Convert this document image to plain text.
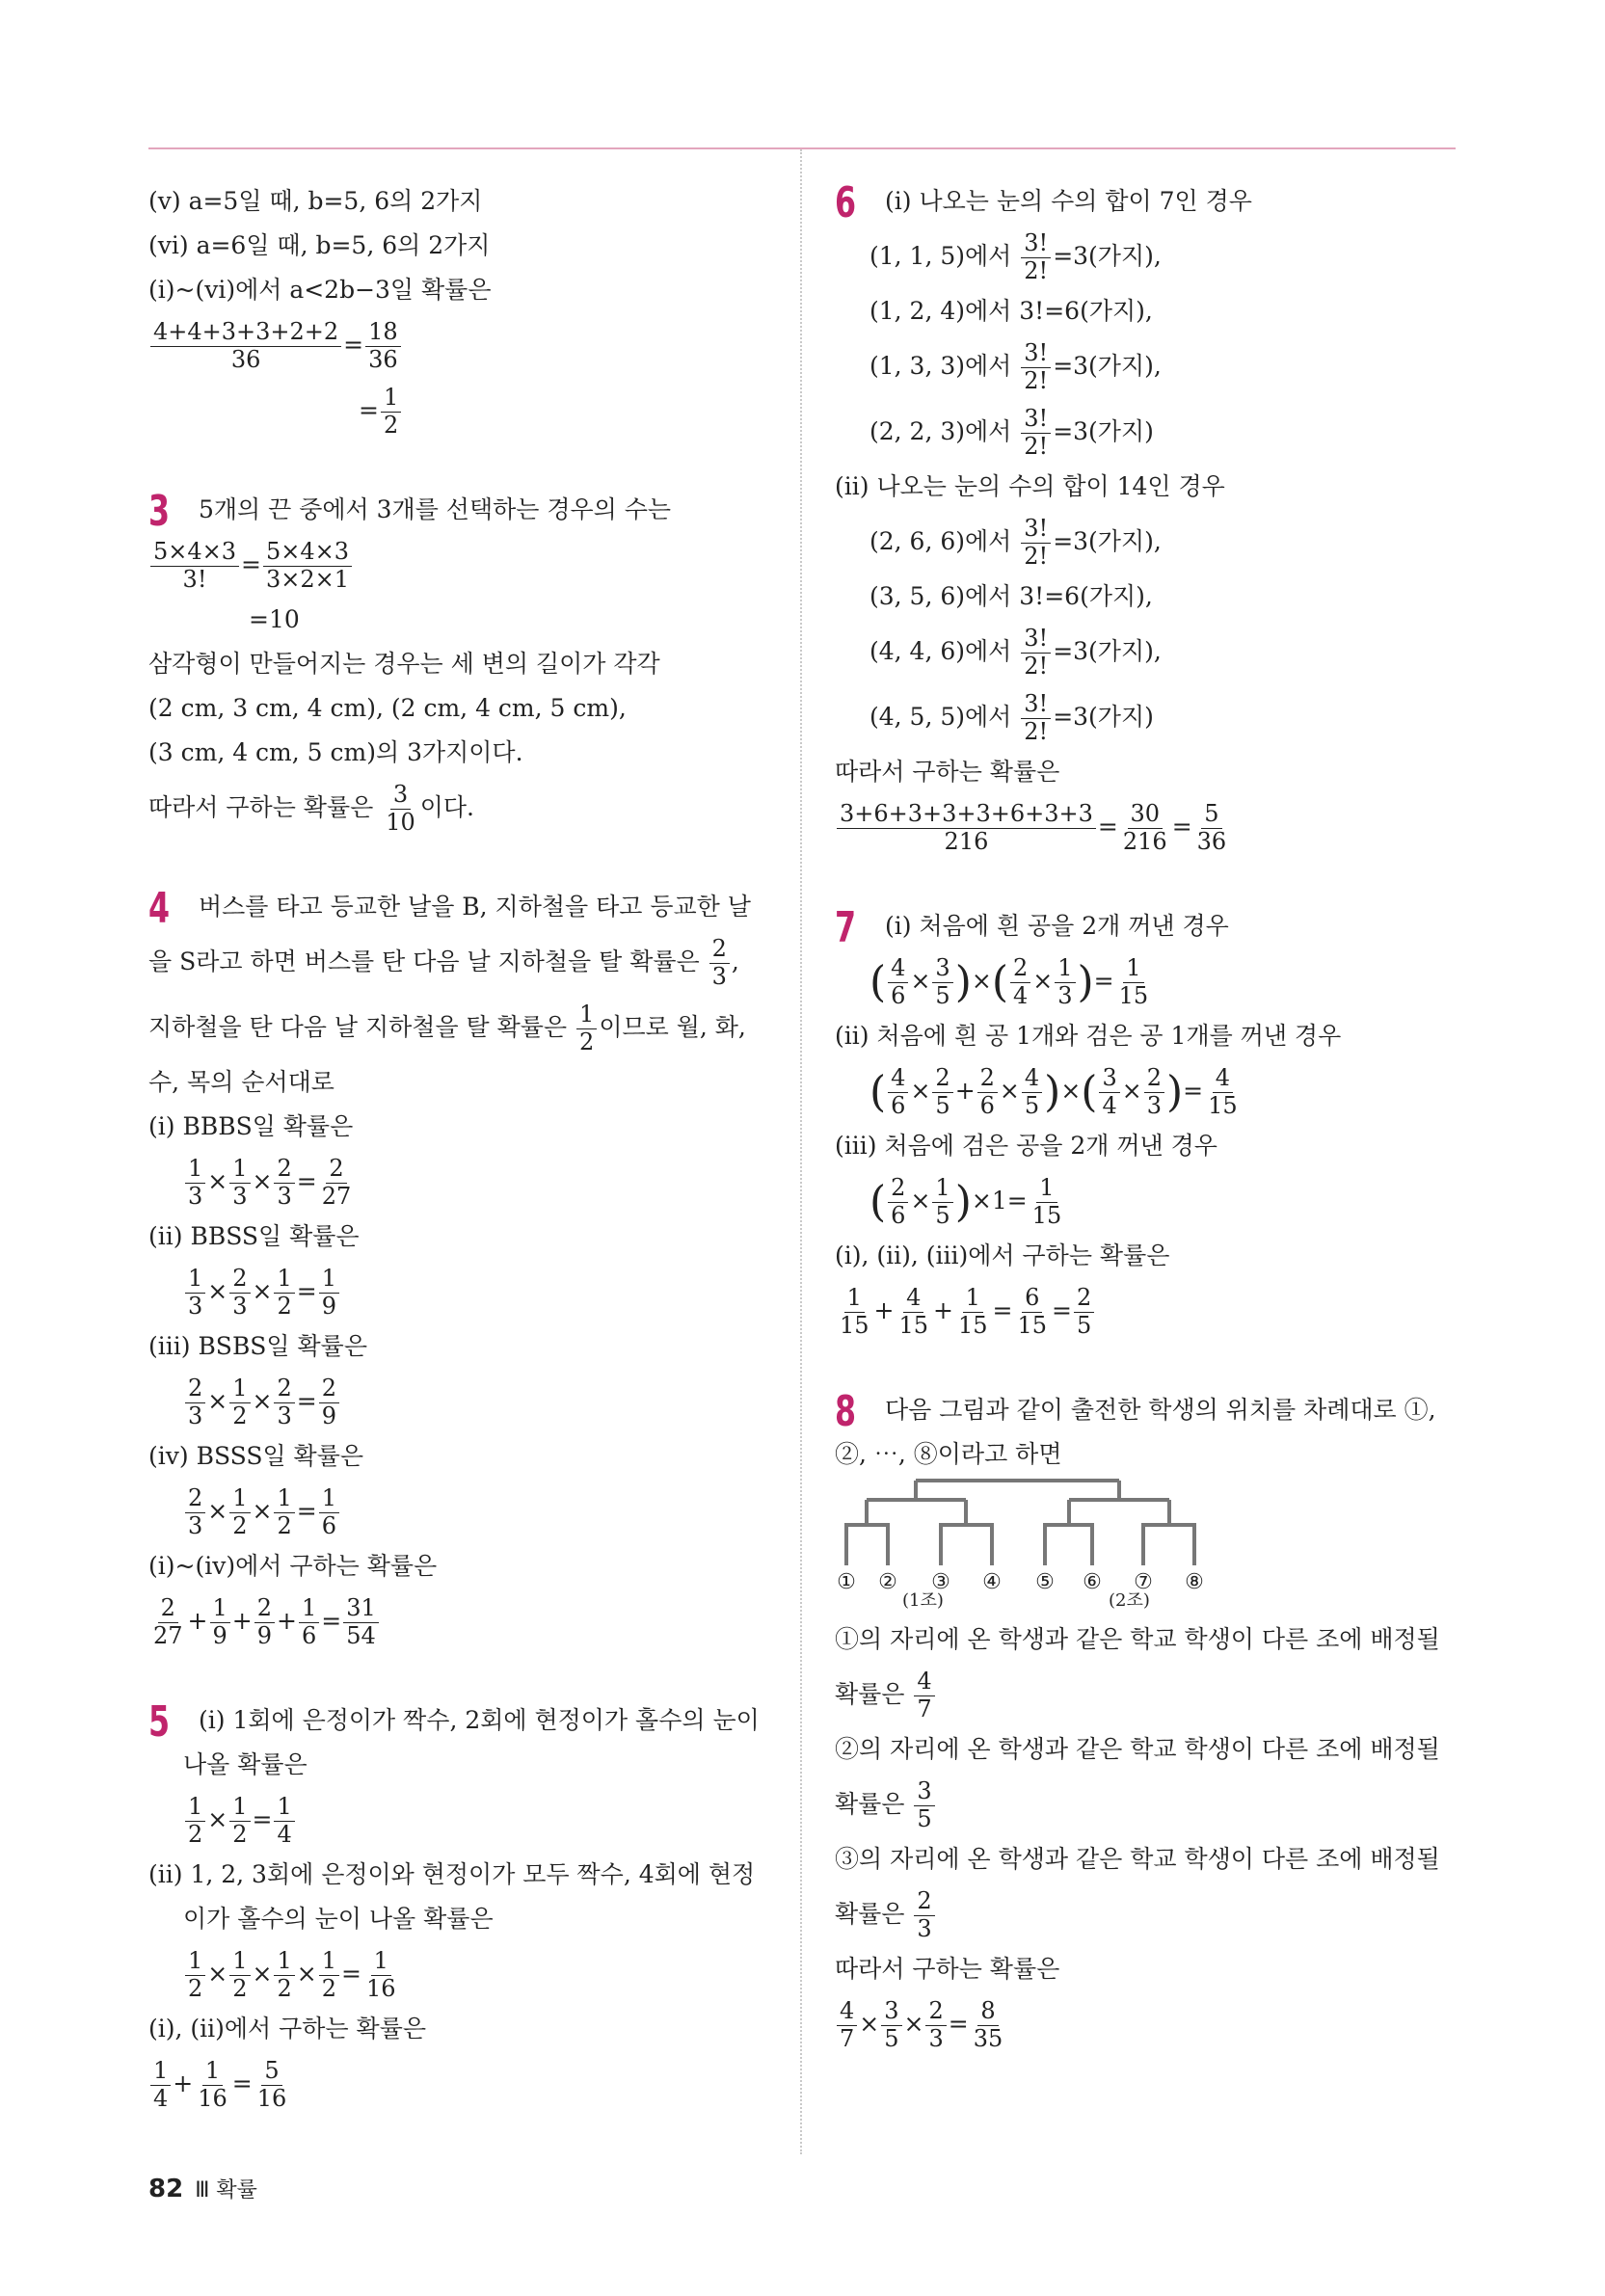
(ⅴ) a=5일 때, b=5, 6의 2가지
(ⅵ) a=6일 때, b=5, 6의 2가지
(ⅰ)~(ⅵ)에서 a<2b−3일 확률은
$\frac{4+4+3+3+2+2}{36} = \frac{18}{36}$
= $\frac{1}{2}$
3 5개의 끈 중에서 3개를 선택하는 경우의 수는
$\frac{5\times 4\times 3}{3!} = \frac{5\times 4\times 3}{3\times 2\times 1}$
=10
삼각형이 만들어지는 경우는 세 변의 길이가 각각
(2 cm, 3 cm, 4 cm), (2 cm, 4 cm, 5 cm),
(3 cm, 4 cm, 5 cm)의 3가지이다.
따라서 구하는 확률은 $\frac{3}{10}$ 이다.
4 버스를 타고 등교한 날을 B, 지하철을 타고 등교한 날
을 S라고 하면 버스를 탄 다음 날 지하철을 탈 확률은 $\frac{2}{3}$ ,
지하철을 탄 다음 날 지하철을 탈 확률은 $\frac{1}{2}$ 이므로 월, 화,
수, 목의 순서대로
(ⅰ) BBBS일 확률은
$\frac{1}{3} \times \frac{1}{3} \times \frac{2}{3} = \frac{2}{27}$
(ⅱ) BBSS일 확률은
$\frac{1}{3} \times \frac{2}{3} \times \frac{1}{2} = \frac{1}{9}$
(ⅲ) BSBS일 확률은
$\frac{2}{3} \times \frac{1}{2} \times \frac{2}{3} = \frac{2}{9}$
(ⅳ) BSSS일 확률은
$\frac{2}{3} \times \frac{1}{2} \times \frac{1}{2} = \frac{1}{6}$
(ⅰ)~(ⅳ)에서 구하는 확률은
$\frac{2}{27} + \frac{1}{9} + \frac{2}{9} + \frac{1}{6} = \frac{31}{54}$
5 (ⅰ) 1회에 은정이가 짝수, 2회에 현정이가 홀수의 눈이
나올 확률은
$\frac{1}{2} \times \frac{1}{2} = \frac{1}{4}$
(ⅱ) 1, 2, 3회에 은정이와 현정이가 모두 짝수, 4회에 현정
이가 홀수의 눈이 나올 확률은
$\frac{1}{2} \times \frac{1}{2} \times \frac{1}{2} \times \frac{1}{2} = \frac{1}{16}$
(ⅰ), (ⅱ)에서 구하는 확률은
$\frac{1}{4} + \frac{1}{16} = \frac{5}{16}$
6 (ⅰ) 나오는 눈의 수의 합이 7인 경우
(1, 1, 5)에서 $\frac{3!}{2!} =3$(가지),
(1, 2, 4)에서 3!=6(가지),
(1, 3, 3)에서 $\frac{3!}{2!} =3$(가지),
(2, 2, 3)에서 $\frac{3!}{2!} =3$(가지)
(ⅱ) 나오는 눈의 수의 합이 14인 경우
(2, 6, 6)에서 $\frac{3!}{2!} =3$(가지),
(3, 5, 6)에서 3!=6(가지),
(4, 4, 6)에서 $\frac{3!}{2!} =3$(가지),
(4, 5, 5)에서 $\frac{3!}{2!} =3$(가지)
따라서 구하는 확률은
$\frac{3+6+3+3+3+6+3+3}{216} = \frac{30}{216} = \frac{5}{36}$
7 (ⅰ) 처음에 흰 공을 2개 꺼낸 경우
( $\frac{4}{6} \times \frac{3}{5}$ )×( $\frac{2}{4} \times \frac{1}{3}$ )= $\frac{1}{15}$
(ⅱ) 처음에 흰 공 1개와 검은 공 1개를 꺼낸 경우
( $\frac{4}{6} \times \frac{2}{5} + \frac{2}{6} \times \frac{4}{5}$ )×( $\frac{3}{4} \times \frac{2}{3}$ )= $\frac{4}{15}$
(ⅲ) 처음에 검은 공을 2개 꺼낸 경우
( $\frac{2}{6} \times \frac{1}{5} )\times 1= \frac{1}{15}$
(ⅰ), (ⅱ), (ⅲ)에서 구하는 확률은
$\frac{1}{15} + \frac{4}{15} + \frac{1}{15} = \frac{6}{15} = \frac{2}{5}$
8 다음 그림과 같이 출전한 학생의 위치를 차례대로 ①,
②, ⋯, ⑧이라고 하면
① ② ③ ④ ⑤ ⑥ ⑦ ⑧
(1조)	(2조)
①의 자리에 온 학생과 같은 학교 학생이 다른 조에 배정될
확률은 $\frac{4}{7}$
②의 자리에 온 학생과 같은 학교 학생이 다른 조에 배정될
확률은 $\frac{3}{5}$
③의 자리에 온 학생과 같은 학교 학생이 다른 조에 배정될
확률은 $\frac{2}{3}$
따라서 구하는 확률은
$\frac{4}{7} \times \frac{3}{5} \times \frac{2}{3} = \frac{8}{35}$
82 Ⅲ 확률
